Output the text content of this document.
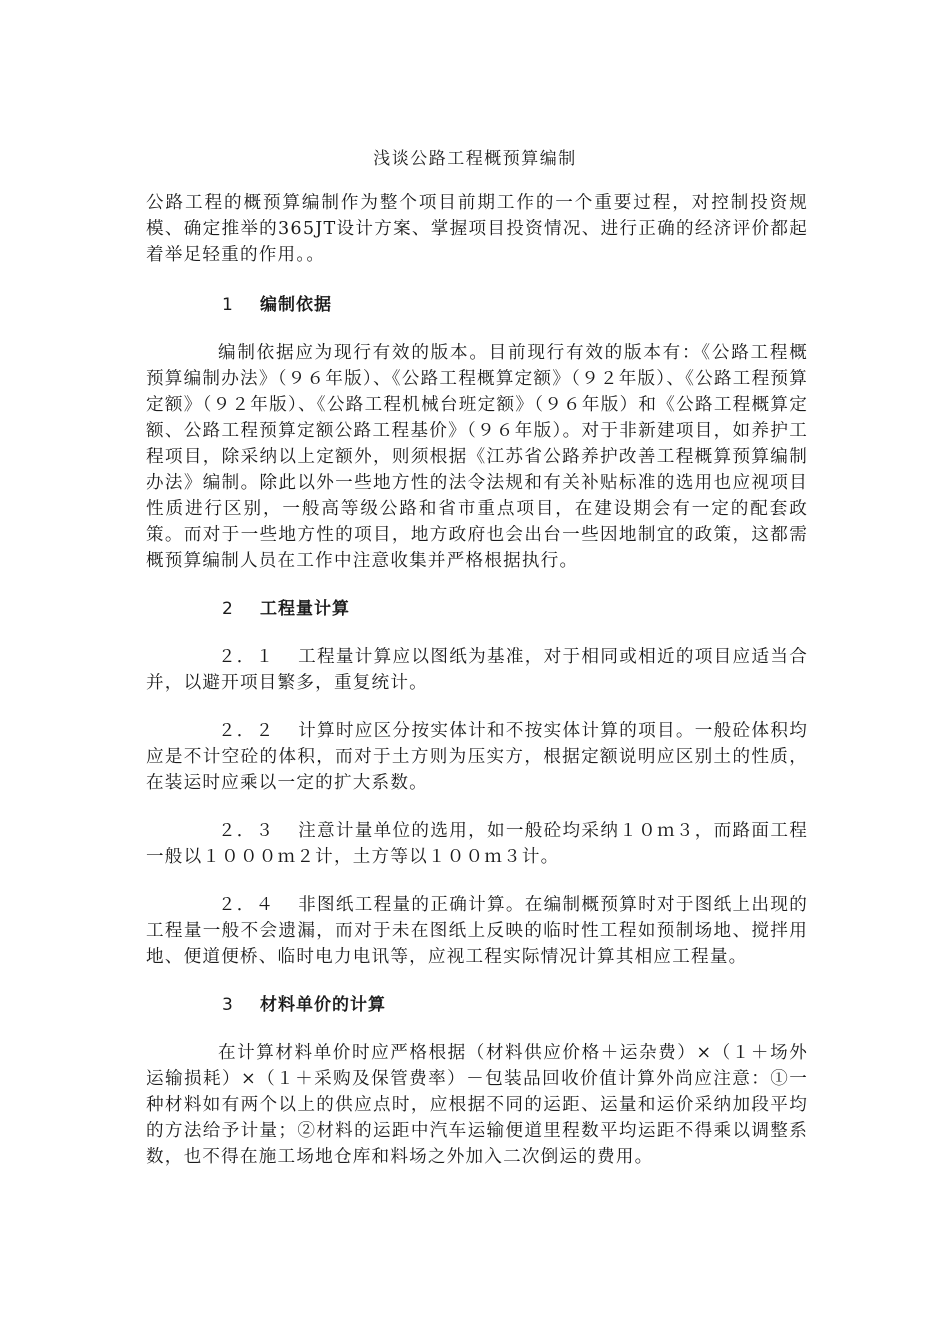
浅谈公路工程概预算编制

公路工程的概预算编制作为整个项目前期工作的一个重要过程，对控制投资规模、确定推举的365JT设计方案、掌握项目投资情况、进行正确的经济评价都起着举足轻重的作用。。

1 编制依据

编制依据应为现行有效的版本。目前现行有效的版本有：《公路工程概预算编制办法》（９６年版）、《公路工程概算定额》（９２年版）、《公路工程预算定额》（９２年版）、《公路工程机械台班定额》（９６年版）和《公路工程概算定额、公路工程预算定额公路工程基价》（９６年版）。对于非新建项目，如养护工程项目，除采纳以上定额外，则须根据《江苏省公路养护改善工程概算预算编制办法》编制。除此以外一些地方性的法令法规和有关补贴标准的选用也应视项目性质进行区别，一般高等级公路和省市重点项目，在建设期会有一定的配套政策。而对于一些地方性的项目，地方政府也会出台一些因地制宜的政策，这都需概预算编制人员在工作中注意收集并严格根据执行。

2 工程量计算

２．１ 工程量计算应以图纸为基准，对于相同或相近的项目应适当合并，以避开项目繁多，重复统计。

２．２ 计算时应区分按实体计和不按实体计算的项目。一般砼体积均应是不计空砼的体积，而对于土方则为压实方，根据定额说明应区别土的性质，在装运时应乘以一定的扩大系数。

２．３ 注意计量单位的选用，如一般砼均采纳１０ｍ３，而路面工程一般以１０００ｍ２计，土方等以１００ｍ３计。

２．４ 非图纸工程量的正确计算。在编制概预算时对于图纸上出现的工程量一般不会遗漏，而对于未在图纸上反映的临时性工程如预制场地、搅拌用地、便道便桥、临时电力电讯等，应视工程实际情况计算其相应工程量。

3 材料单价的计算

在计算材料单价时应严格根据（材料供应价格＋运杂费）×（１＋场外运输损耗）×（１＋采购及保管费率）－包装品回收价值计算外尚应注意：①一种材料如有两个以上的供应点时，应根据不同的运距、运量和运价采纳加段平均的方法给予计量；②材料的运距中汽车运输便道里程数平均运距不得乘以调整系数，也不得在施工场地仓库和料场之外加入二次倒运的费用。
